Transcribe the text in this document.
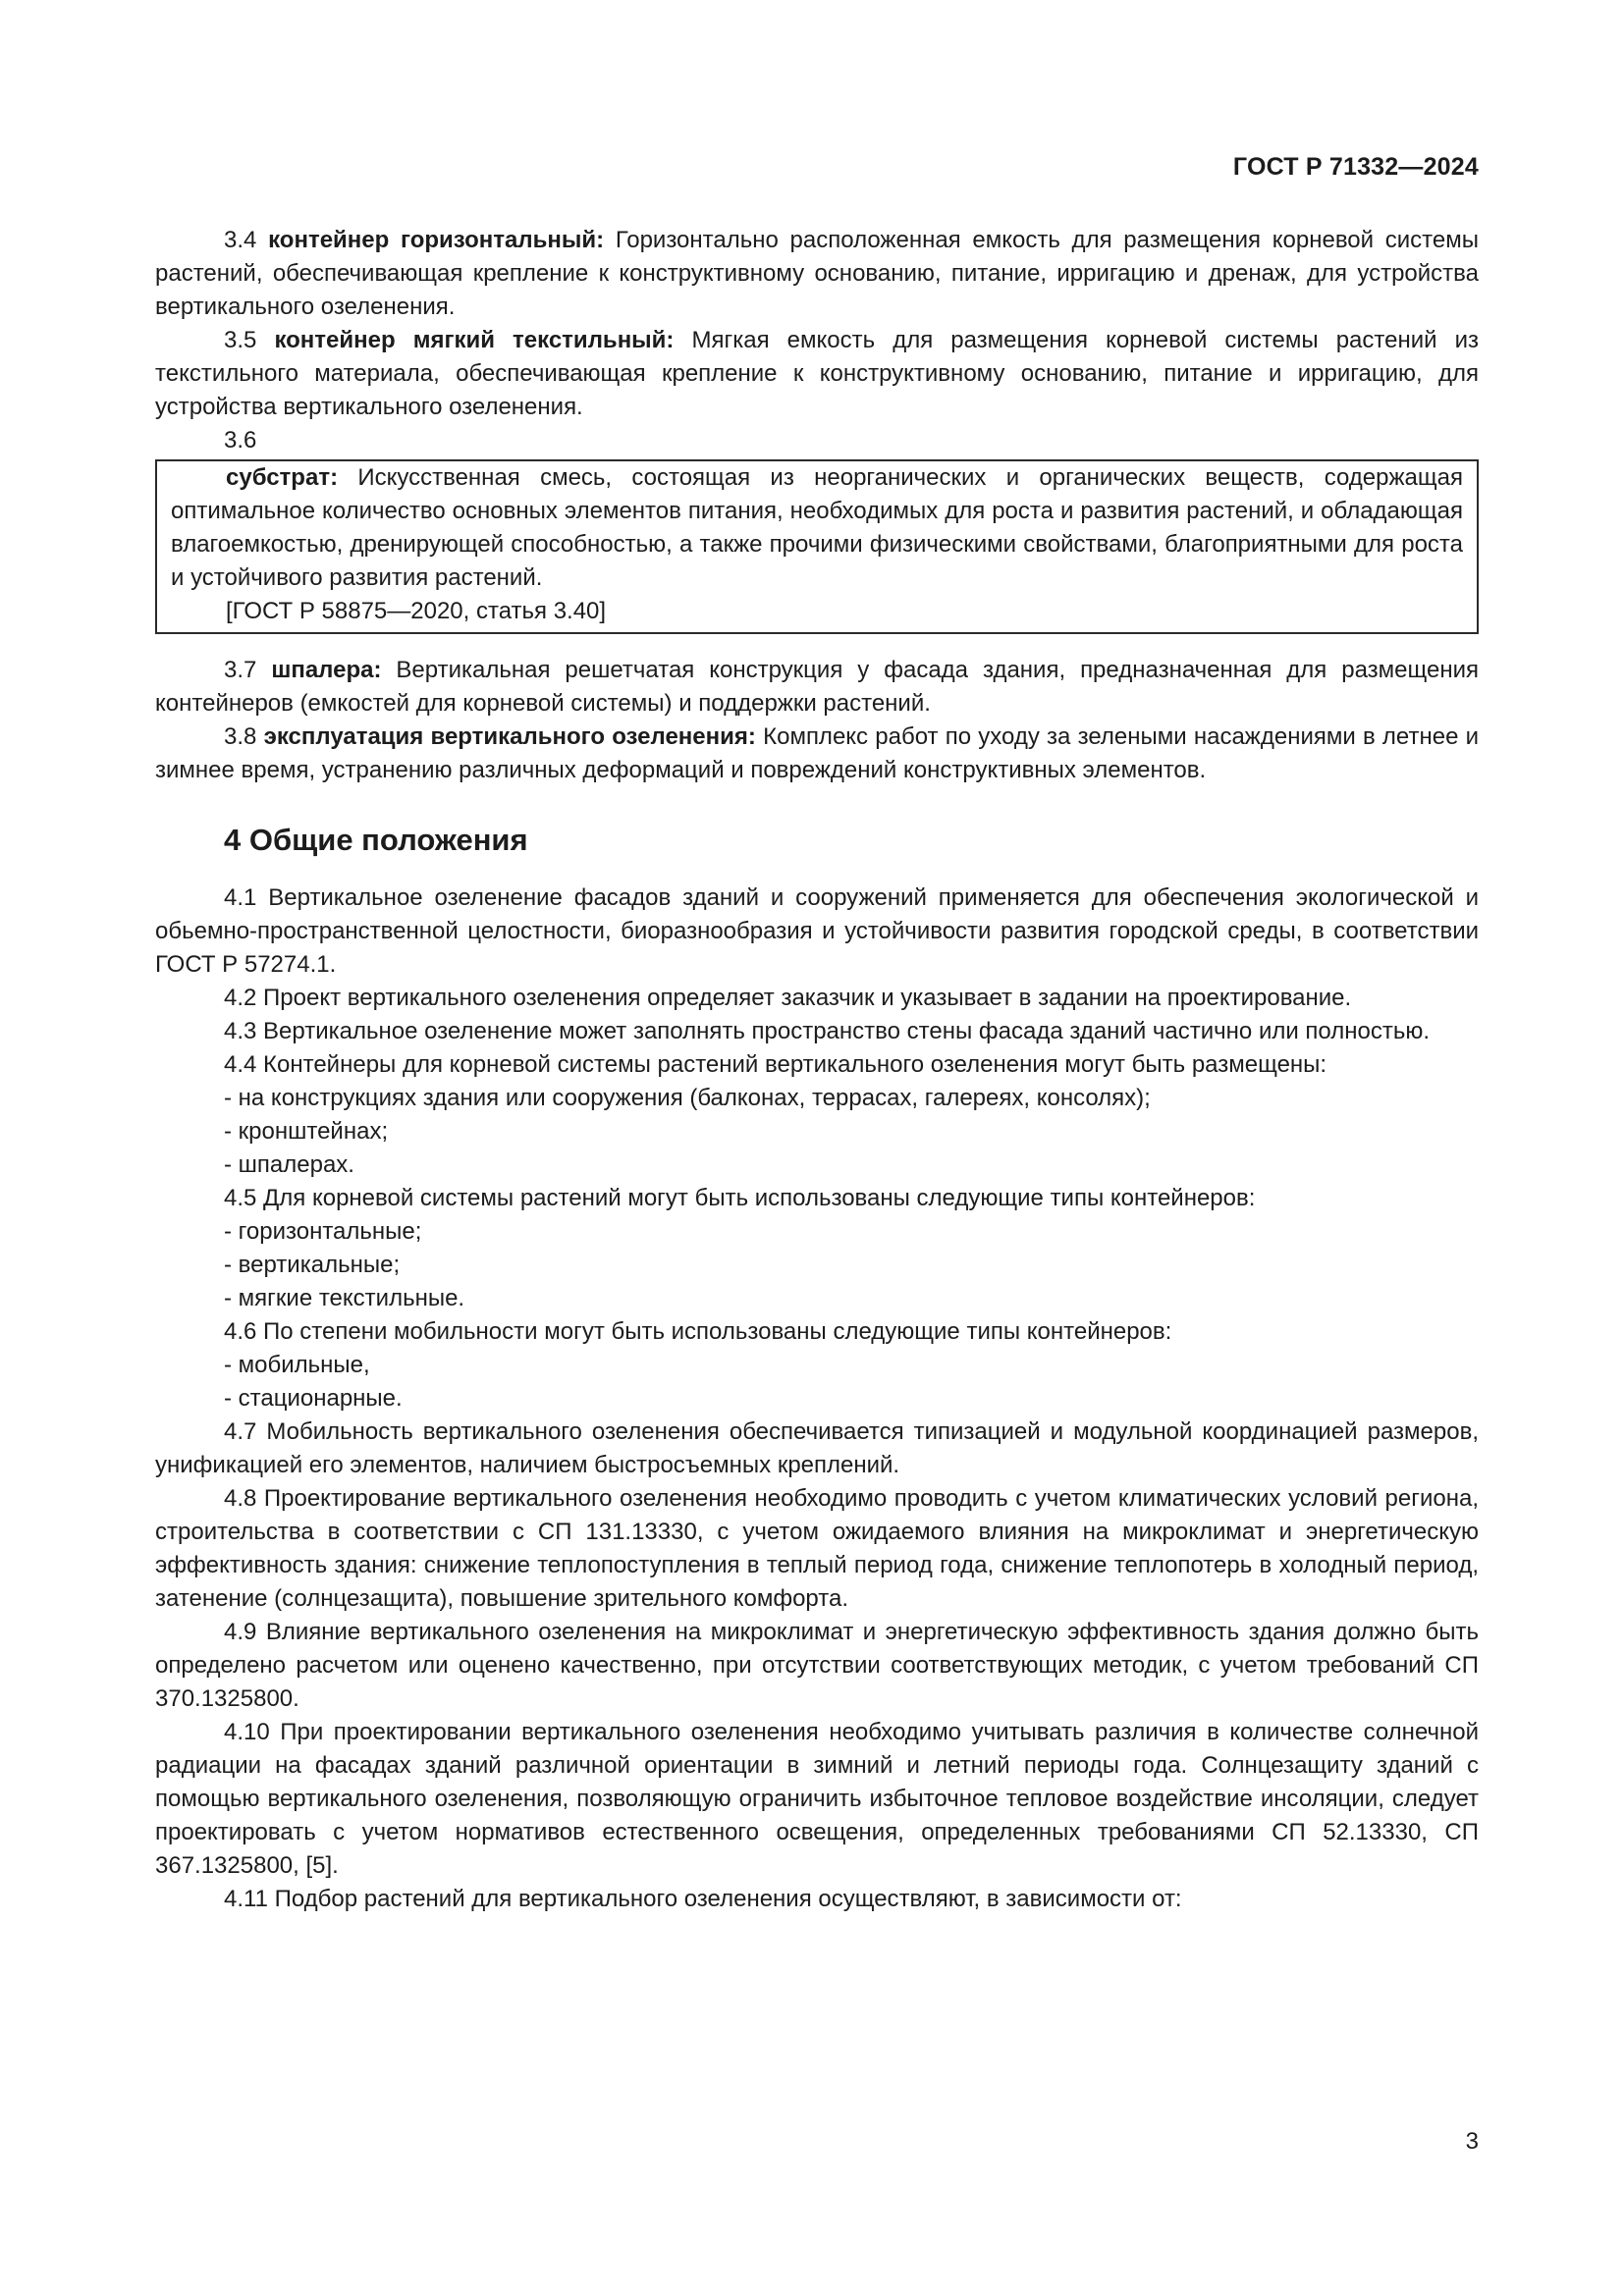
ГОСТ Р 71332—2024

3.4 контейнер горизонтальный: Горизонтально расположенная емкость для размещения корневой системы растений, обеспечивающая крепление к конструктивному основанию, питание, ирригацию и дренаж, для устройства вертикального озеленения.

3.5 контейнер мягкий текстильный: Мягкая емкость для размещения корневой системы растений из текстильного материала, обеспечивающая крепление к конструктивному основанию, питание и ирригацию, для устройства вертикального озеленения.

3.6

субстрат: Искусственная смесь, состоящая из неорганических и органических веществ, содержащая оптимальное количество основных элементов питания, необходимых для роста и развития растений, и обладающая влагоемкостью, дренирующей способностью, а также прочими физическими свойствами, благоприятными для роста и устойчивого развития растений.

[ГОСТ Р 58875—2020, статья 3.40]

3.7 шпалера: Вертикальная решетчатая конструкция у фасада здания, предназначенная для размещения контейнеров (емкостей для корневой системы) и поддержки растений.

3.8 эксплуатация вертикального озеленения: Комплекс работ по уходу за зелеными насаждениями в летнее и зимнее время, устранению различных деформаций и повреждений конструктивных элементов.

4 Общие положения

4.1 Вертикальное озеленение фасадов зданий и сооружений применяется для обеспечения экологической и обьемно-пространственной целостности, биоразнообразия и устойчивости развития городской среды, в соответствии ГОСТ Р 57274.1.

4.2 Проект вертикального озеленения определяет заказчик и указывает в задании на проектирование.

4.3 Вертикальное озеленение может заполнять пространство стены фасада зданий частично или полностью.

4.4 Контейнеры для корневой системы растений вертикального озеленения могут быть размещены:

- на конструкциях здания или сооружения (балконах, террасах, галереях, консолях);

- кронштейнах;

- шпалерах.

4.5 Для корневой системы растений могут быть использованы следующие типы контейнеров:

- горизонтальные;

- вертикальные;

- мягкие текстильные.

4.6 По степени мобильности могут быть использованы следующие типы контейнеров:

- мобильные,

- стационарные.

4.7 Мобильность вертикального озеленения обеспечивается типизацией и модульной координацией размеров, унификацией его элементов, наличием быстросъемных креплений.

4.8 Проектирование вертикального озеленения необходимо проводить с учетом климатических условий региона, строительства в соответствии с СП 131.13330, с учетом ожидаемого влияния на микроклимат и энергетическую эффективность здания: снижение теплопоступления в теплый период года, снижение теплопотерь в холодный период, затенение (солнцезащита), повышение зрительного комфорта.

4.9 Влияние вертикального озеленения на микроклимат и энергетическую эффективность здания должно быть определено расчетом или оценено качественно, при отсутствии соответствующих методик, с учетом требований СП 370.1325800.

4.10 При проектировании вертикального озеленения необходимо учитывать различия в количестве солнечной радиации на фасадах зданий различной ориентации в зимний и летний периоды года. Солнцезащиту зданий с помощью вертикального озеленения, позволяющую ограничить избыточное тепловое воздействие инсоляции, следует проектировать с учетом нормативов естественного освещения, определенных требованиями СП 52.13330, СП 367.1325800, [5].

4.11 Подбор растений для вертикального озеленения осуществляют, в зависимости от:

3
